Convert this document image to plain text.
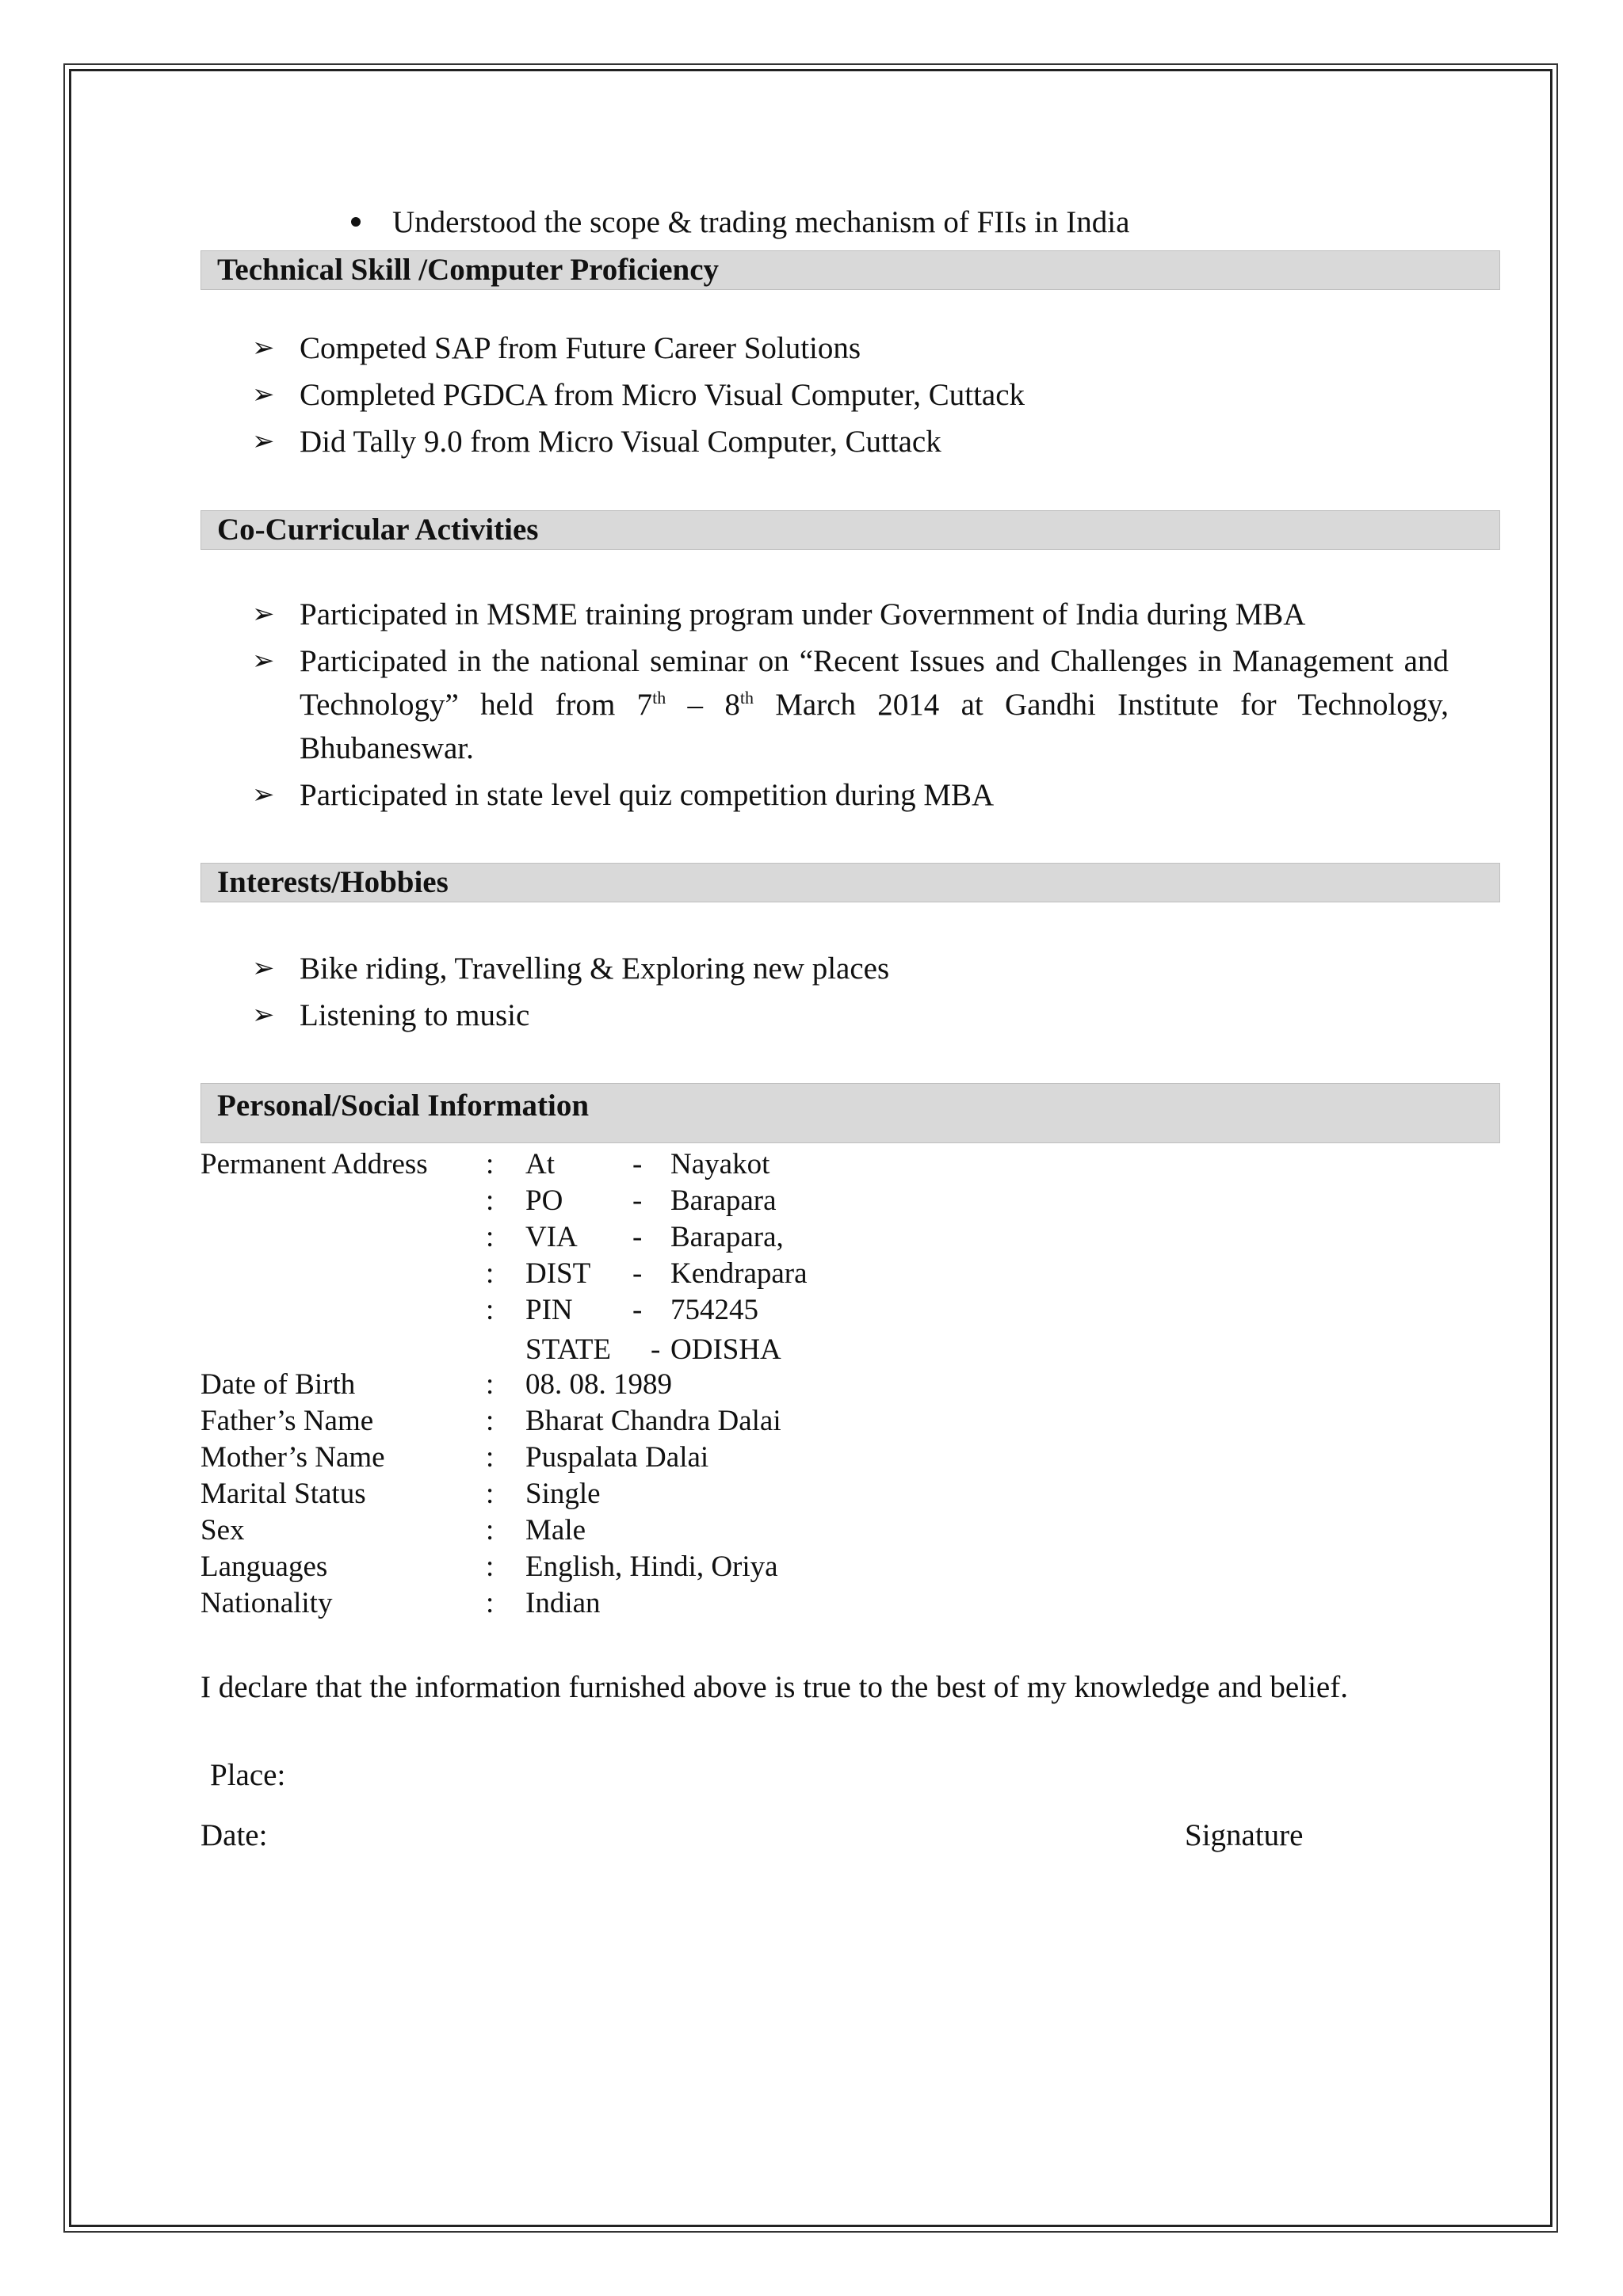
Understood the scope & trading mechanism of FIIs in India
Technical Skill /Computer Proficiency
➢ Competed SAP from Future Career Solutions
➢ Completed PGDCA from Micro Visual Computer, Cuttack
➢ Did Tally 9.0 from Micro Visual Computer, Cuttack
Co-Curricular Activities
➢ Participated in MSME training program under Government of India during MBA
➢ Participated in the national seminar on “Recent Issues and Challenges in Management and Technology” held from 7th – 8th March 2014 at Gandhi Institute for Technology, Bhubaneswar.
➢ Participated in state level quiz competition during MBA
Interests/Hobbies
➢ Bike riding, Travelling & Exploring new places
➢ Listening to music
Personal/Social Information
Permanent Address : At	- Nayakot
: PO - Barapara
: VIA - Barapara,
: DIST - Kendrapara
: PIN - 754245
STATE - ODISHA
Date of Birth	: 08. 08. 1989
Father’s Name	: Bharat Chandra Dalai
Mother’s Name	: Puspalata Dalai
Marital Status	: Single
Sex	: Male
Languages	: English, Hindi, Oriya
Nationality	: Indian
I declare that the information furnished above is true to the best of my knowledge and belief.
Place:
Date:	Signature
